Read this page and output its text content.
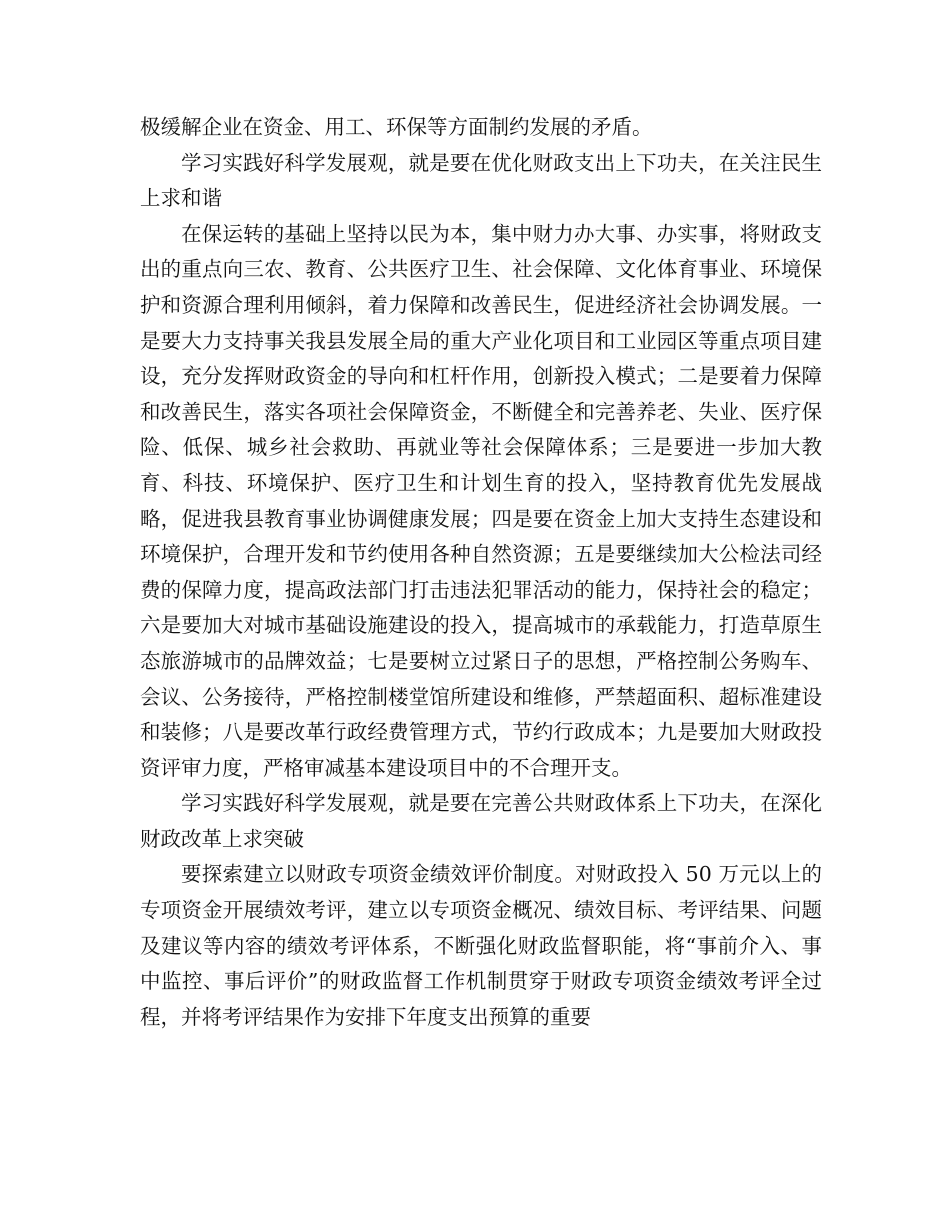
极缓解企业在资金、用工、环保等方面制约发展的矛盾。

学习实践好科学发展观，就是要在优化财政支出上下功夫，在关注民生上求和谐

在保运转的基础上坚持以民为本，集中财力办大事、办实事，将财政支出的重点向三农、教育、公共医疗卫生、社会保障、文化体育事业、环境保护和资源合理利用倾斜，着力保障和改善民生，促进经济社会协调发展。一是要大力支持事关我县发展全局的重大产业化项目和工业园区等重点项目建设，充分发挥财政资金的导向和杠杆作用，创新投入模式；二是要着力保障和改善民生，落实各项社会保障资金，不断健全和完善养老、失业、医疗保险、低保、城乡社会救助、再就业等社会保障体系；三是要进一步加大教育、科技、环境保护、医疗卫生和计划生育的投入，坚持教育优先发展战略，促进我县教育事业协调健康发展；四是要在资金上加大支持生态建设和环境保护，合理开发和节约使用各种自然资源；五是要继续加大公检法司经费的保障力度，提高政法部门打击违法犯罪活动的能力，保持社会的稳定；六是要加大对城市基础设施建设的投入，提高城市的承载能力，打造草原生态旅游城市的品牌效益；七是要树立过紧日子的思想，严格控制公务购车、会议、公务接待，严格控制楼堂馆所建设和维修，严禁超面积、超标准建设和装修；八是要改革行政经费管理方式，节约行政成本；九是要加大财政投资评审力度，严格审减基本建设项目中的不合理开支。

学习实践好科学发展观，就是要在完善公共财政体系上下功夫，在深化财政改革上求突破

要探索建立以财政专项资金绩效评价制度。对财政投入 50 万元以上的专项资金开展绩效考评，建立以专项资金概况、绩效目标、考评结果、问题及建议等内容的绩效考评体系，不断强化财政监督职能，将“事前介入、事中监控、事后评价”的财政监督工作机制贯穿于财政专项资金绩效考评全过程，并将考评结果作为安排下年度支出预算的重要
